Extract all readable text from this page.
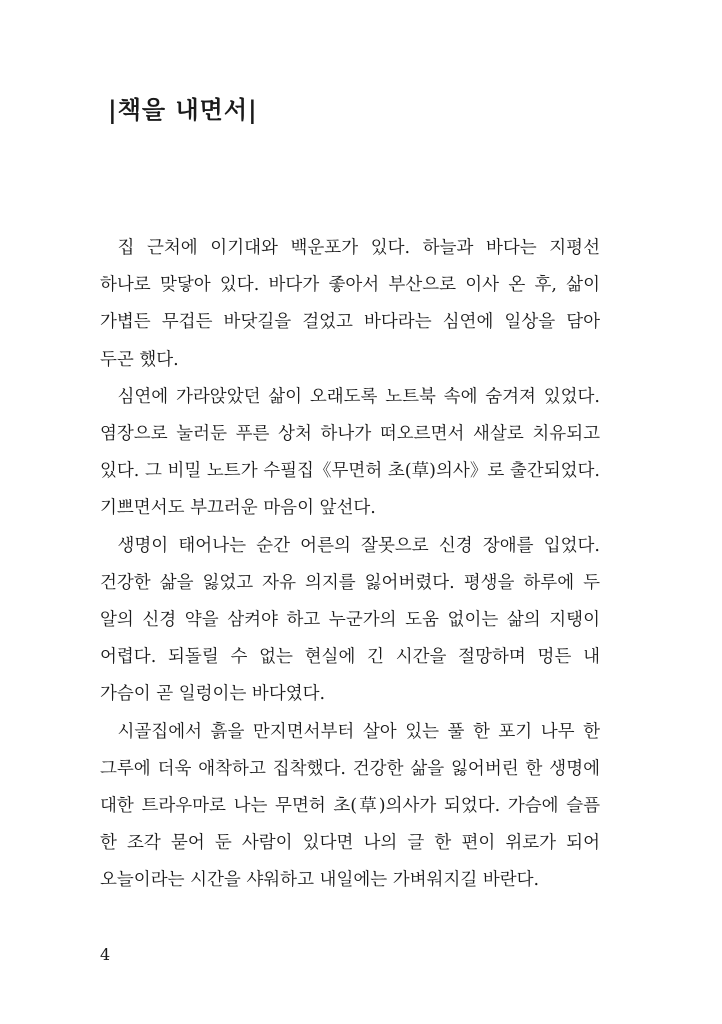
|책을 내면서|

집 근처에 이기대와 백운포가 있다. 하늘과 바다는 지평선 하나로 맞닿아 있다. 바다가 좋아서 부산으로 이사 온 후, 삶이 가볍든 무겁든 바닷길을 걸었고 바다라는 심연에 일상을 담아 두곤 했다.

심연에 가라앉았던 삶이 오래도록 노트북 속에 숨겨져 있었다. 염장으로 눌러둔 푸른 상처 하나가 떠오르면서 새살로 치유되고 있다. 그 비밀 노트가 수필집《무면허 초(草)의사》로 출간되었다. 기쁘면서도 부끄러운 마음이 앞선다.

생명이 태어나는 순간 어른의 잘못으로 신경 장애를 입었다. 건강한 삶을 잃었고 자유 의지를 잃어버렸다. 평생을 하루에 두 알의 신경 약을 삼켜야 하고 누군가의 도움 없이는 삶의 지탱이 어렵다. 되돌릴 수 없는 현실에 긴 시간을 절망하며 멍든 내 가슴이 곧 일렁이는 바다였다.

시골집에서 흙을 만지면서부터 살아 있는 풀 한 포기 나무 한 그루에 더욱 애착하고 집착했다. 건강한 삶을 잃어버린 한 생명에 대한 트라우마로 나는 무면허 초(草)의사가 되었다. 가슴에 슬픔 한 조각 묻어 둔 사람이 있다면 나의 글 한 편이 위로가 되어 오늘이라는 시간을 샤워하고 내일에는 가벼워지길 바란다.

4
